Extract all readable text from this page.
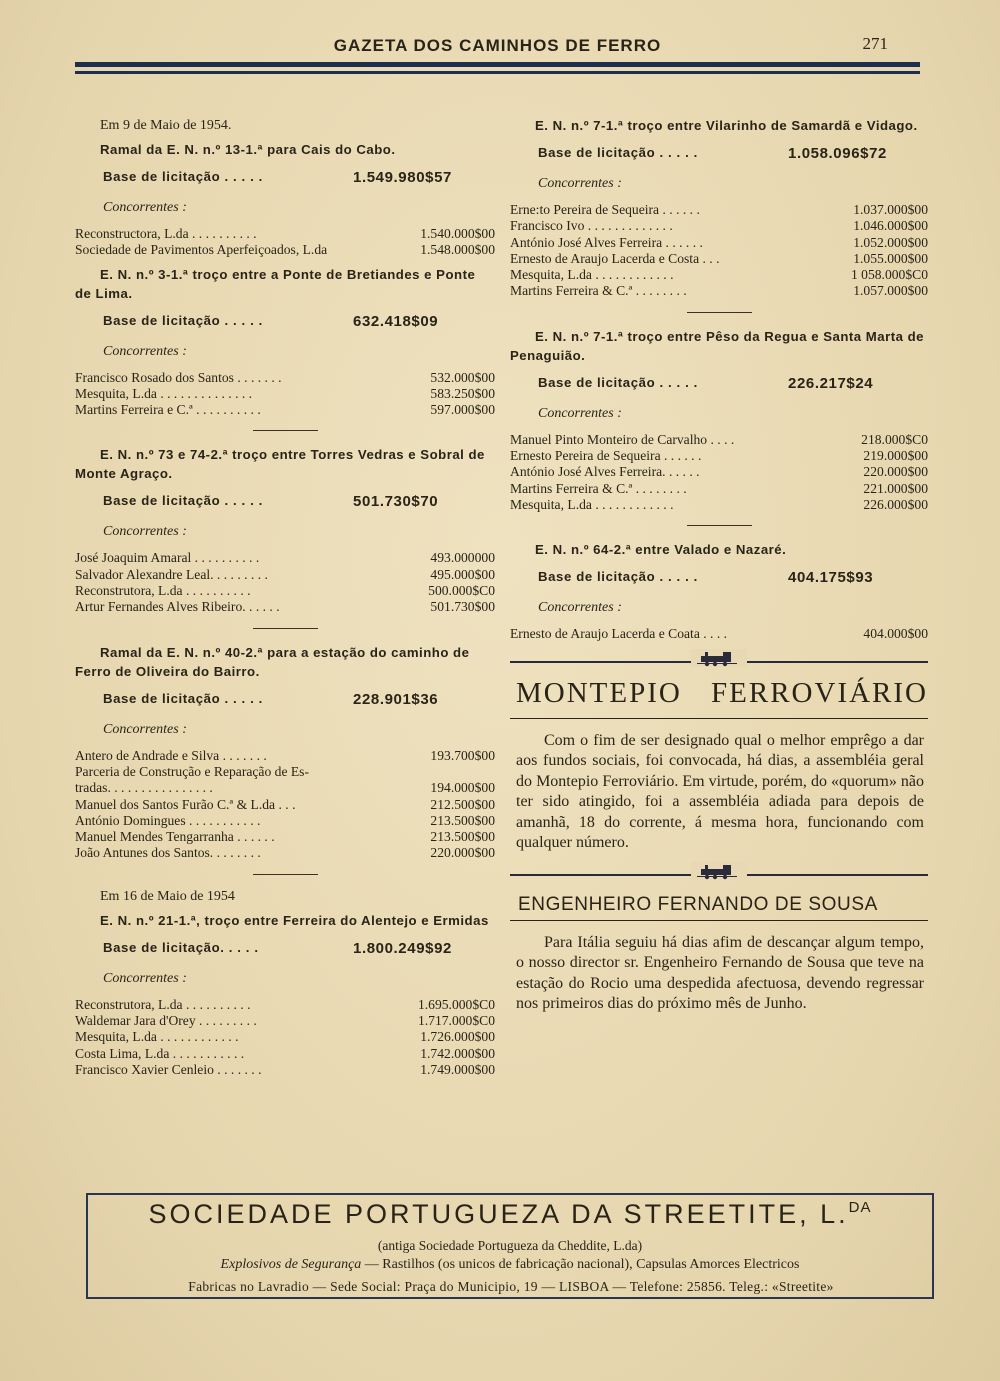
GAZETA DOS CAMINHOS DE FERRO	271
Em 9 de Maio de 1954.
Ramal da E. N. n.º 13-1.ª para Cais do Cabo.
Base de licitação . . . . .	1.549.980$57
Concorrentes :
Reconstructora, L.da . . . . . . . . . .	1.540.000$00
Sociedade de Pavimentos Aperfeiçoados, L.da	1.548.000$00
E. N. n.º 3-1.ª troço entre a Ponte de Bretiandes e Ponte de Lima.
Base de licitação . . . . .	632.418$09
Concorrentes :
Francisco Rosado dos Santos . . . . . . .	532.000$00
Mesquita, L.da . . . . . . . . . . . . . .	583.250$00
Martins Ferreira e C.ª . . . . . . . . . .	597.000$00
E. N. n.º 73 e 74-2.ª troço entre Torres Vedras e Sobral de Monte Agraço.
Base de licitação . . . . .	501.730$70
Concorrentes :
José Joaquim Amaral . . . . . . . . . .	493.000000
Salvador Alexandre Leal. . . . . . . . .	495.000$00
Reconstrutora, L.da . . . . . . . . . .	500.000$C0
Artur Fernandes Alves Ribeiro. . . . . .	501.730$00
Ramal da E. N. n.º 40-2.ª para a estação do caminho de Ferro de Oliveira do Bairro.
Base de licitação . . . . .	228.901$36
Concorrentes :
Antero de Andrade e Silva . . . . . . .	193.700$00
Parceria de Construção e Reparação de Es-
tradas. . . . . . . . . . . . . . . .	194.000$00
Manuel dos Santos Furão C.ª & L.da . . .	212.500$00
António Domingues . . . . . . . . . . .	213.500$00
Manuel Mendes Tengarranha . . . . . .	213.500$00
João Antunes dos Santos. . . . . . . .	220.000$00
Em 16 de Maio de 1954
E. N. n.º 21-1.ª, troço entre Ferreira do Alentejo e Ermidas
Base de licitação. . . . .	1.800.249$92
Concorrentes :
Reconstrutora, L.da . . . . . . . . . .	1.695.000$C0
Waldemar Jara d'Orey . . . . . . . . .	1.717.000$C0
Mesquita, L.da . . . . . . . . . . . .	1.726.000$00
Costa Lima, L.da . . . . . . . . . . .	1.742.000$00
Francisco Xavier Cenleio . . . . . . .	1.749.000$00
E. N. n.º 7-1.ª troço entre Vilarinho de Samardã e Vidago.
Base de licitação . . . . .	1.058.096$72
Concorrentes :
Erne:to Pereira de Sequeira . . . . . .	1.037.000$00
Francisco Ivo . . . . . . . . . . . . .	1.046.000$00
António José Alves Ferreira . . . . . .	1.052.000$00
Ernesto de Araujo Lacerda e Costa . . .	1.055.000$00
Mesquita, L.da . . . . . . . . . . . .	1 058.000$C0
Martins Ferreira & C.ª . . . . . . . .	1.057.000$00
E. N. n.º 7-1.ª troço entre Pêso da Regua e Santa Marta de Penaguião.
Base de licitação . . . . .	226.217$24
Concorrentes :
Manuel Pinto Monteiro de Carvalho . . . .	218.000$C0
Ernesto Pereira de Sequeira . . . . . .	219.000$00
António José Alves Ferreira. . . . . .	220.000$00
Martins Ferreira & C.ª . . . . . . . .	221.000$00
Mesquita, L.da . . . . . . . . . . . .	226.000$00
E. N. n.º 64-2.ª entre Valado e Nazaré.
Base de licitação . . . . .	404.175$93
Concorrentes :
Ernesto de Araujo Lacerda e Coata . . . .	404.000$00
MONTEPIO FERROVIÁRIO
Com o fim de ser designado qual o melhor emprêgo a dar aos fundos sociais, foi convocada, há dias, a assembléia geral do Montepio Ferroviário. Em virtude, porém, do «quorum» não ter sido atingido, foi a assembléia adiada para depois de amanhã, 18 do corrente, á mesma hora, funcionando com qualquer número.
ENGENHEIRO FERNANDO DE SOUSA
Para Itália seguiu há dias afim de descançar algum tempo, o nosso director sr. Engenheiro Fernando de Sousa que teve na estação do Rocio uma despedida afectuosa, devendo regressar nos primeiros dias do próximo mês de Junho.
SOCIEDADE PORTUGUEZA DA STREETITE, L.$^{DA}$
(antiga Sociedade Portugueza da Cheddite, L.da)
Explosivos de Segurança — Rastilhos (os unicos de fabricação nacional), Capsulas Amorces Electricos
Fabricas no Lavradio — Sede Social: Praça do Municipio, 19 — LISBOA — Telefone: 25856. Teleg.: «Streetite»
